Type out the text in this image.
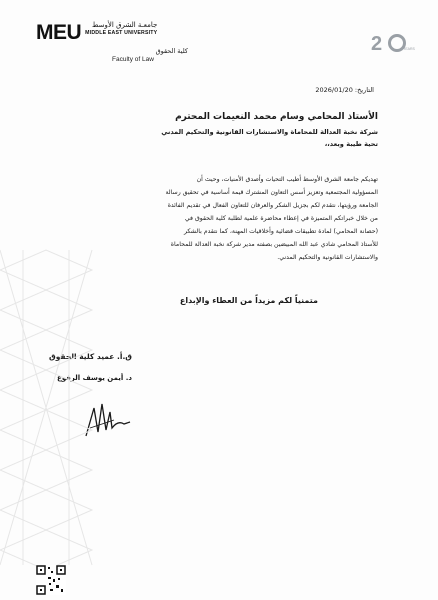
MEU	جامعـة الشرق الأوسط
MIDDLE EAST UNIVERSITY
كلية الحقوق
Faculty of Law
2	YEARS
التاريخ: 2026/01/20
الأستاذ المحامي وسام محمد النعيمات المحترم
شركة نخبة العدالة للمحاماة والاستشارات القانونية والتحكيم المدني
تحية طيبة وبعد،،

تهديكم جامعة الشرق الأوسط أطيب التحيات وأصدق الأمنيات، وحيث أن

المسؤولية المجتمعية وتعزيز أسس التعاون المشترك قيمة أساسية في تحقيق رسالة

الجامعة ورؤيتها، نتقدم لكم بجزيل الشكر والعرفان للتعاون الفعال في تقديم الفائدة

من خلال خبراتكم المتميزة في إعطاء محاضرة علمية لطلبة كلية الحقوق في

(حصانة المحامي) لمادة تطبيقات قضائية وأخلاقيات المهنة، كما نتقدم بالشكر

للأستاذ المحامي شادي عبد الله المبيضين بصفته مدير شركة نخبة العدالة للمحاماة

والاستشارات القانونية والتحكيم المدني.

متمنياً لكم مزيداً من العطاء والإبداع
ق.أ. عميد كلية الحقوق
د. أيمن يوسف الرفوع
